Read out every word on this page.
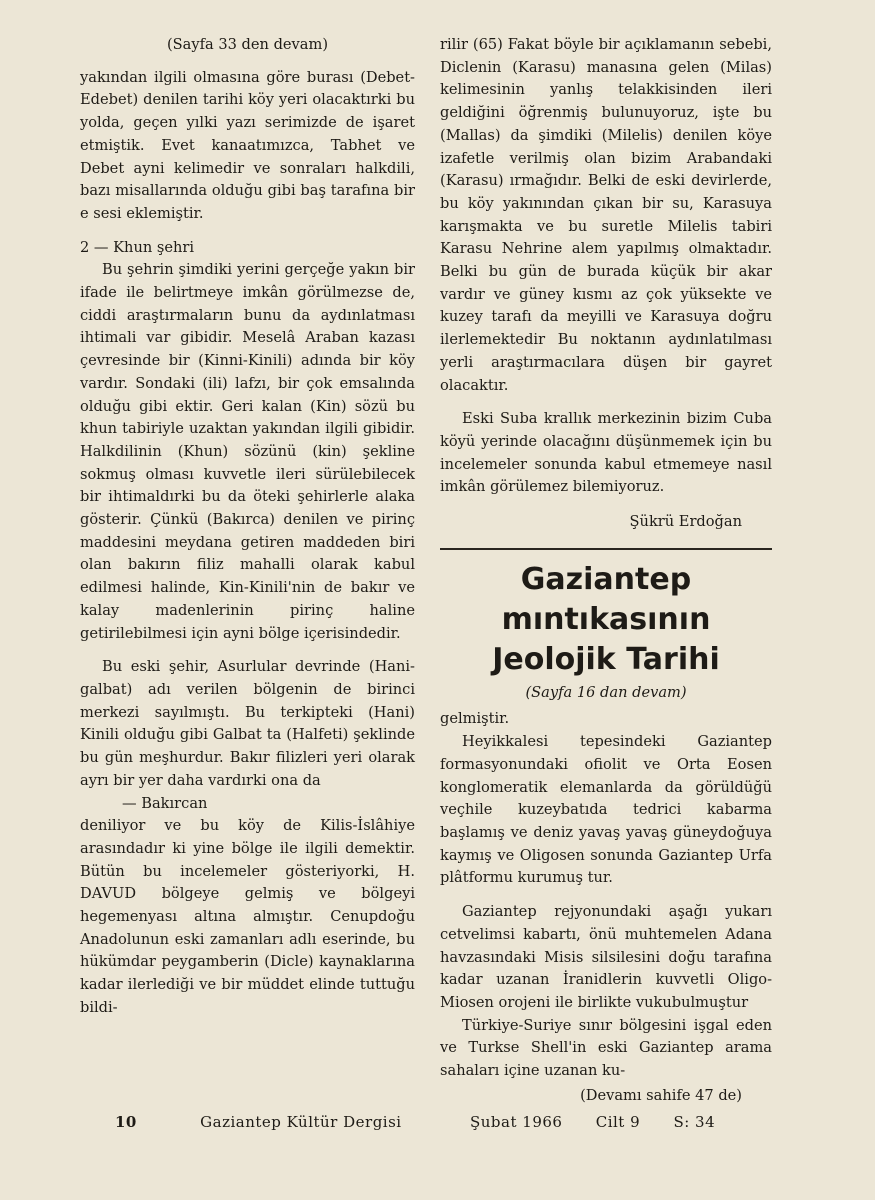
(Sayfa 33 den devam)

yakından ilgili olmasına göre burası (Debet-Edebet) denilen tarihi köy yeri olacaktırki bu yolda, geçen yılki yazı serimizde de işaret etmiştik. Evet kanaatımızca, Tabhet ve Debet ayni kelimedir ve sonraları halkdili, bazı misallarında olduğu gibi baş tarafına bir e sesi eklemiştir.

2 — Khun şehri

Bu şehrin şimdiki yerini gerçeğe yakın bir ifade ile belirtmeye imkân görülmezse de, ciddi araştırmaların bunu da aydınlatması ihtimali var gibidir. Meselâ Araban kazası çevresinde bir (Kinni-Kinili) adında bir köy vardır. Sondaki (ili) lafzı, bir çok emsalında olduğu gibi ektir. Geri kalan (Kin) sözü bu khun tabiriyle uzaktan yakından ilgili gibidir. Halkdilinin (Khun) sözünü (kin) şekline sokmuş olması kuvvetle ileri sürülebilecek bir ihtimaldırki bu da öteki şehirlerle alaka gösterir. Çünkü (Bakırca) denilen ve pirinç maddesini meydana getiren maddeden biri olan bakırın filiz mahalli olarak kabul edilmesi halinde, Kin-Kinili'nin de bakır ve kalay madenlerinin pirinç haline getirilebilmesi için ayni bölge içerisindedir.

Bu eski şehir, Asurlular devrinde (Hani-galbat) adı verilen bölgenin de birinci merkezi sayılmıştı. Bu terkipteki (Hani) Kinili olduğu gibi Galbat ta (Halfeti) şeklinde bu gün meşhurdur. Bakır filizleri yeri olarak ayrı bir yer daha vardırki ona da

— Bakırcan

deniliyor ve bu köy de Kilis-İslâhiye arasındadır ki yine bölge ile ilgili demektir. Bütün bu incelemeler gösteriyorki, H. DAVUD bölgeye gelmiş ve bölgeyi hegemenyası altına almıştır. Cenupdoğu Anadolunun eski zamanları adlı eserinde, bu hükümdar peygamberin (Dicle) kaynaklarına kadar ilerlediği ve bir müddet elinde tuttuğu bildi-

rilir (65) Fakat böyle bir açıklamanın sebebi, Diclenin (Karasu) manasına gelen (Milas) kelimesinin yanlış telakkisinden ileri geldiğini öğrenmiş bulunuyoruz, işte bu (Mallas) da şimdiki (Milelis) denilen köye izafetle verilmiş olan bizim Arabandaki (Karasu) ırmağıdır. Belki de eski devirlerde, bu köy yakınından çıkan bir su, Karasuya karışmakta ve bu suretle Milelis tabiri Karasu Nehrine alem yapılmış olmaktadır. Belki bu gün de burada küçük bir akar vardır ve güney kısmı az çok yüksekte ve kuzey tarafı da meyilli ve Karasuya doğru ilerlemektedir Bu noktanın aydınlatılması yerli araştırmacılara düşen bir gayret olacaktır.

Eski Suba krallık merkezinin bizim Cuba köyü yerinde olacağını düşünmemek için bu incelemeler sonunda kabul etmemeye nasıl imkân görülemez bilemiyoruz.

Şükrü Erdoğan
Gaziantep mıntıkasının
Jeolojik Tarihi
(Sayfa 16 dan devam)

gelmiştir.

Heyikkalesi tepesindeki Gaziantep formasyonundaki ofiolit ve Orta Eosen konglomeratik elemanlarda da görüldüğü veçhile kuzeybatıda tedrici kabarma başlamış ve deniz yavaş yavaş güneydoğuya kaymış ve Oligosen sonunda Gaziantep Urfa plâtformu kurumuş tur.

Gaziantep rejyonundaki aşağı yukarı cetvelimsi kabartı, önü muhtemelen Adana havzasındaki Misis silsilesini doğu tarafına kadar uzanan İranidlerin kuvvetli Oligo-Miosen orojeni ile birlikte vukubulmuştur

Türkiye-Suriye sınır bölgesini işgal eden ve Turkse Shell'in eski Gaziantep arama sahaları içine uzanan ku-

(Devamı sahife 47 de)
10	Gaziantep Kültür Dergisi	Şubat 1966 Cilt 9 S: 34
